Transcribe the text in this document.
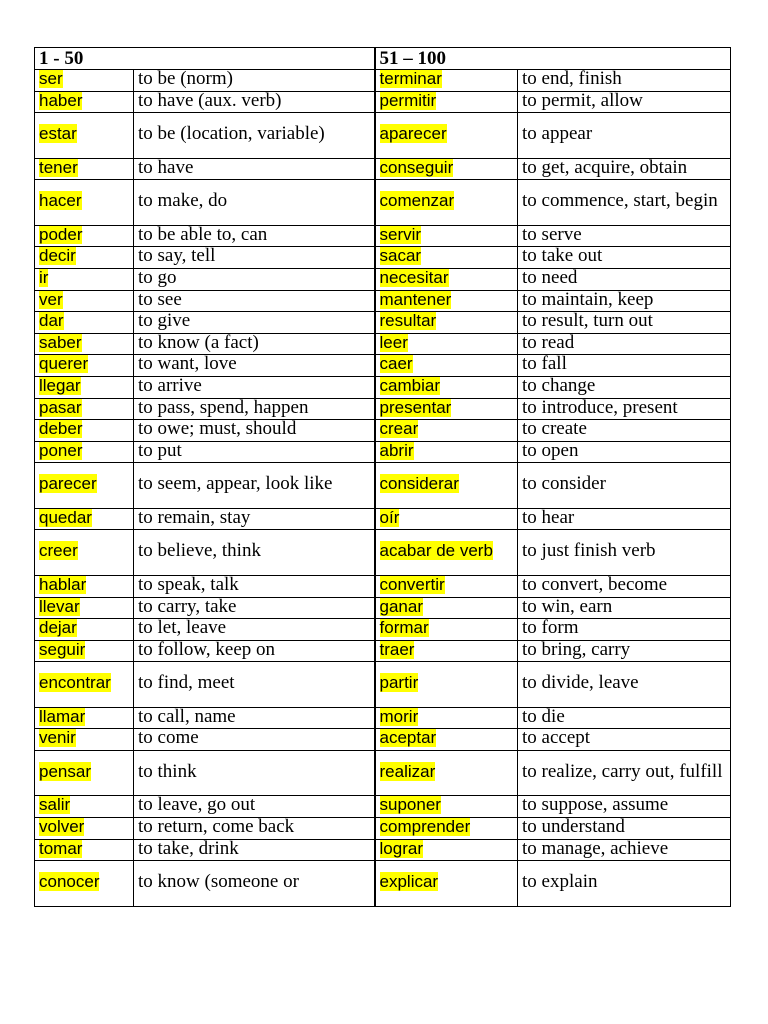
1 - 50		51 – 100	
ser	to be (norm)	terminar	to end, finish
haber	to have (aux. verb)	permitir	to permit, allow
estar	to be (location, variable)	aparecer	to appear
tener	to have	conseguir	to get, acquire, obtain
hacer	to make, do	comenzar	to commence, start, begin
poder	to be able to, can	servir	to serve
decir	to say, tell	sacar	to take out
ir	to go	necesitar	to need
ver	to see	mantener	to maintain, keep
dar	to give	resultar	to result, turn out
saber	to know (a fact)	leer	to read
querer	to want, love	caer	to fall
llegar	to arrive	cambiar	to change
pasar	to pass, spend, happen	presentar	to introduce, present
deber	to owe; must, should	crear	to create
poner	to put	abrir	to open
parecer	to seem, appear, look like	considerar	to consider
quedar	to remain, stay	oír	to hear
creer	to believe, think	acabar de verb	to just finish verb
hablar	to speak, talk	convertir	to convert, become
llevar	to carry, take	ganar	to win, earn
dejar	to let, leave	formar	to form
seguir	to follow, keep on	traer	to bring, carry
encontrar	to find, meet	partir	to divide, leave
llamar	to call, name	morir	to die
venir	to come	aceptar	to accept
pensar	to think	realizar	to realize, carry out, fulfill
salir	to leave, go out	suponer	to suppose, assume
volver	to return, come back	comprender	to understand
tomar	to take, drink	lograr	to manage, achieve
conocer	to know (someone or	explicar	to explain
